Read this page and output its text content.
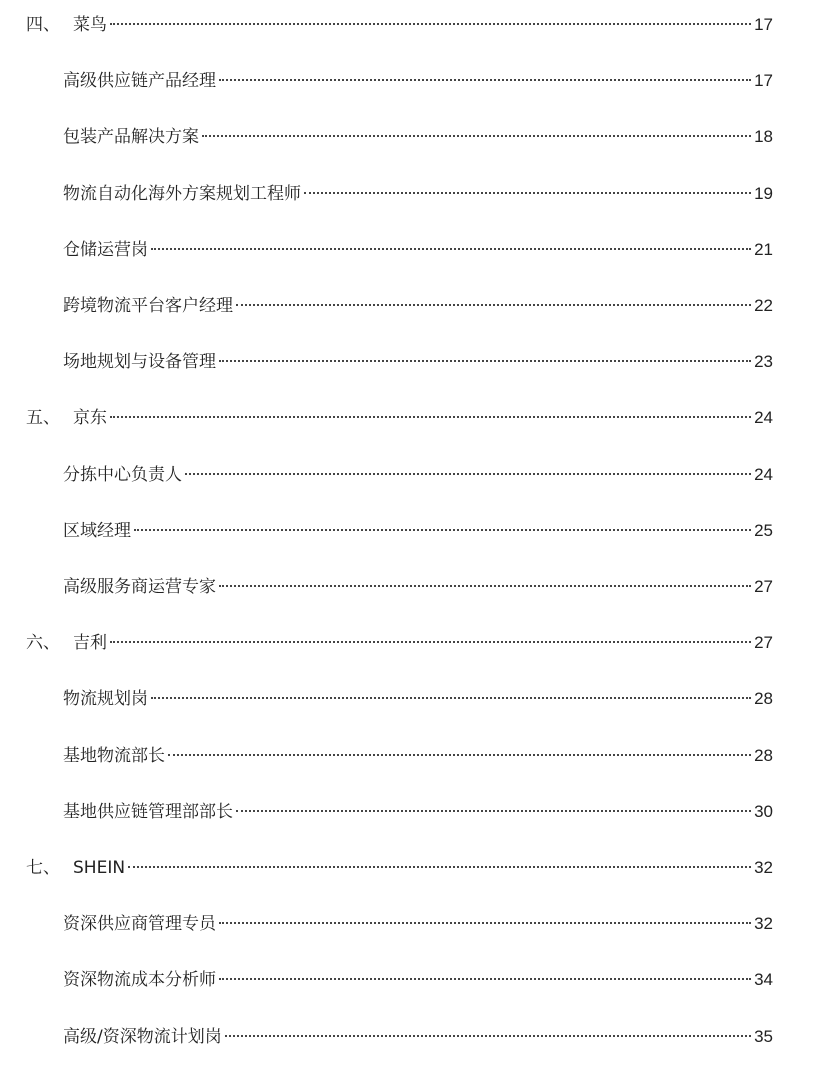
四、 菜鸟	17
高级供应链产品经理	17
包装产品解决方案	18
物流自动化海外方案规划工程师	19
仓储运营岗	21
跨境物流平台客户经理	22
场地规划与设备管理	23
五、 京东	24
分拣中心负责人	24
区域经理	25
高级服务商运营专家	27
六、 吉利	27
物流规划岗	28
基地物流部长	28
基地供应链管理部部长	30
七、 SHEIN	32
资深供应商管理专员	32
资深物流成本分析师	34
高级/资深物流计划岗	35
